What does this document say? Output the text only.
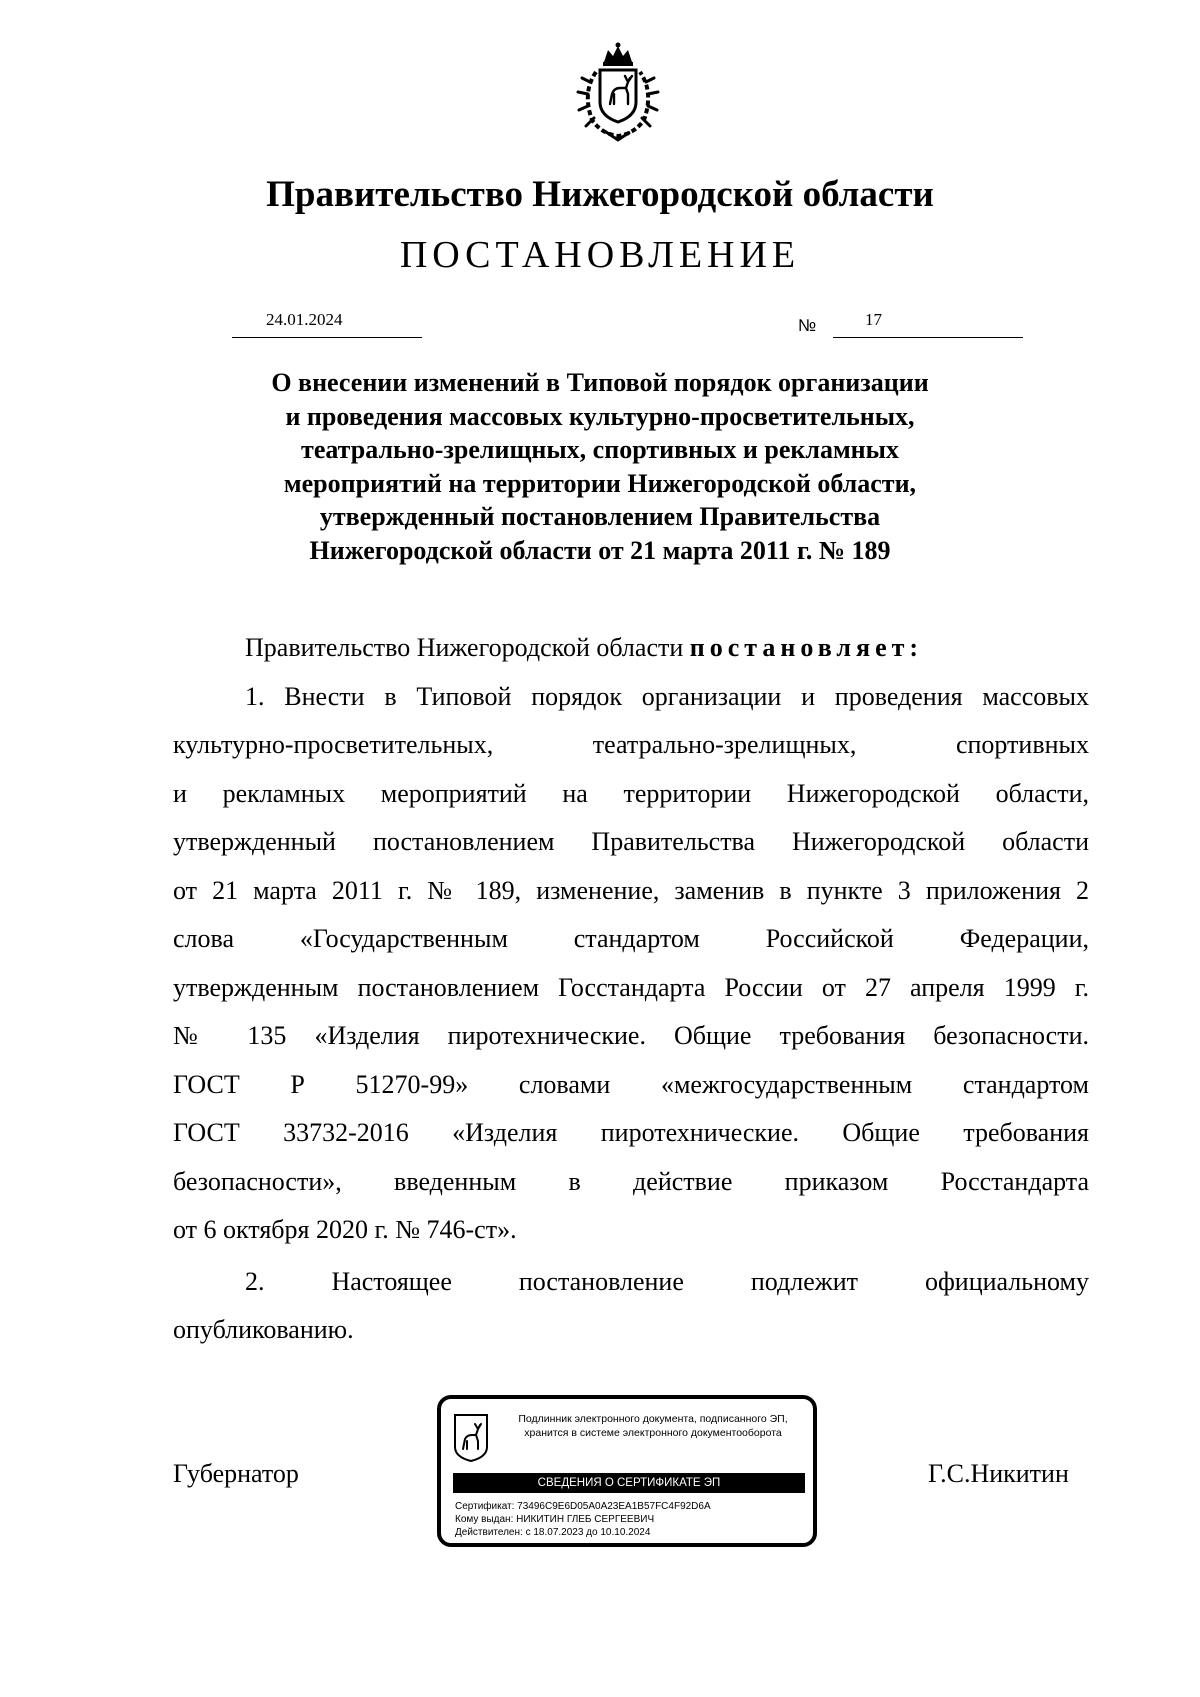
Правительство Нижегородской области
ПОСТАНОВЛЕНИЕ
24.01.2024	№	17
О внесении изменений в Типовой порядок организации
и проведения массовых культурно-просветительных,
театрально-зрелищных, спортивных и рекламных
мероприятий на территории Нижегородской области,
утвержденный постановлением Правительства
Нижегородской области от 21 марта 2011 г. № 189
Правительство Нижегородской области постановляет:
1. Внести в Типовой порядок организации и проведения массовых
культурно-просветительных, театрально-зрелищных, спортивных
и рекламных мероприятий на территории Нижегородской области,
утвержденный постановлением Правительства Нижегородской области
от 21 марта 2011 г. № 189, изменение, заменив в пункте 3 приложения 2
слова «Государственным стандартом Российской Федерации,
утвержденным постановлением Госстандарта России от 27 апреля 1999 г.
№ 135 «Изделия пиротехнические. Общие требования безопасности.
ГОСТ Р 51270-99» словами «межгосударственным стандартом
ГОСТ 33732-2016 «Изделия пиротехнические. Общие требования
безопасности», введенным в действие приказом Росстандарта
от 6 октября 2020 г. № 746-ст».
2. Настоящее постановление подлежит официальному
опубликованию.
Губернатор	Г.С.Никитин
Подлинник электронного документа, подписанного ЭП,
хранится в системе электронного документооборота
СВЕДЕНИЯ О СЕРТИФИКАТЕ ЭП
Сертификат: 73496C9E6D05A0A23EA1B57FC4F92D6A
Кому выдан: НИКИТИН ГЛЕБ СЕРГЕЕВИЧ
Действителен: с 18.07.2023 до 10.10.2024
